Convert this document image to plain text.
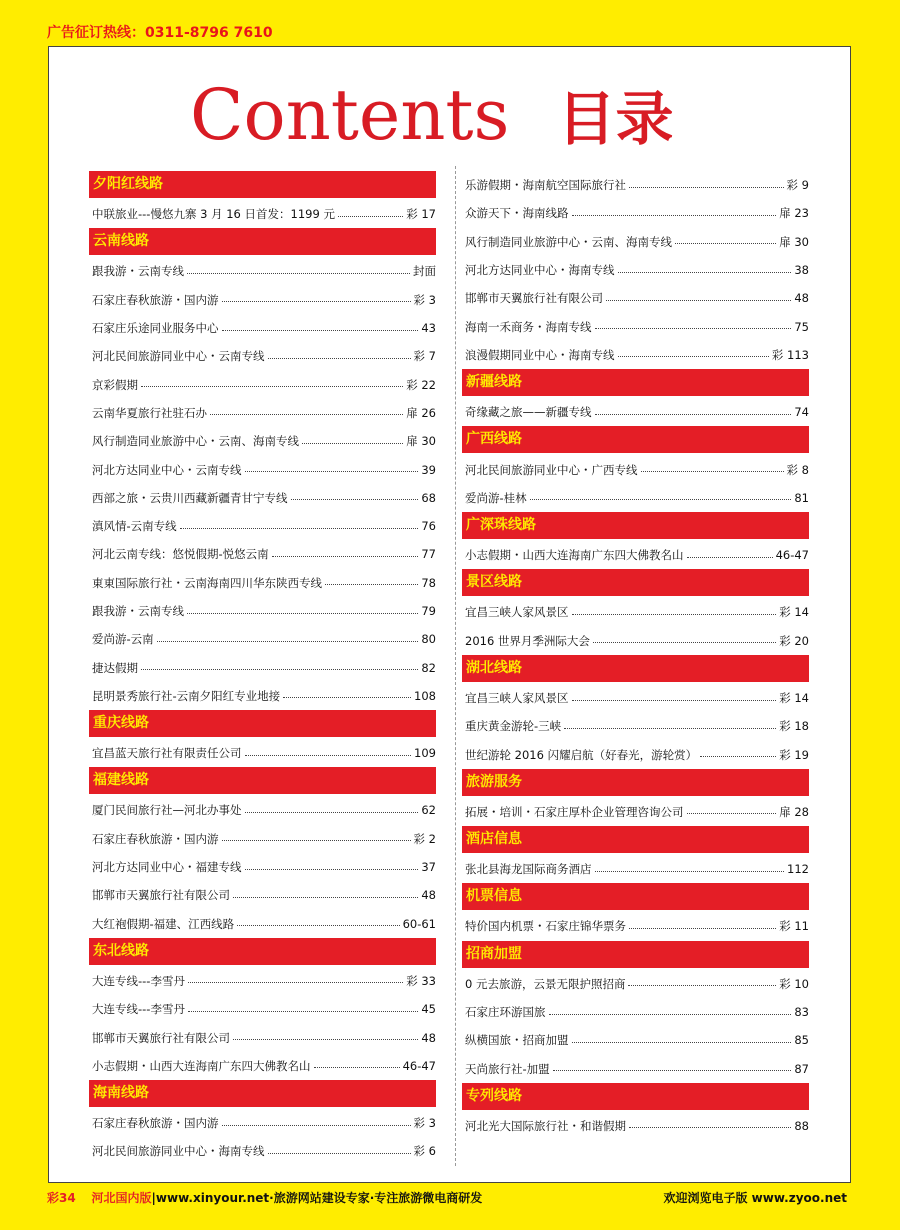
广告征订热线：0311-8796 7610
Contents 目录
夕阳红线路
中联旅业---慢悠九寨 3 月 16 日首发：1199 元	彩 17
云南线路
跟我游・云南专线	封面
石家庄春秋旅游・国内游	彩 3
石家庄乐途同业服务中心	43
河北民间旅游同业中心・云南专线	彩 7
京彩假期	彩 22
云南华夏旅行社驻石办	扉 26
风行制造同业旅游中心・云南、海南专线	扉 30
河北方达同业中心・云南专线	39
西部之旅・云贵川西藏新疆青甘宁专线	68
滇风情-云南专线	76
河北云南专线：悠悦假期-悦悠云南	77
東東国际旅行社・云南海南四川华东陕西专线	78
跟我游・云南专线	79
爱尚游-云南	80
捷达假期	82
昆明景秀旅行社-云南夕阳红专业地接	108
重庆线路
宜昌蓝天旅行社有限责任公司	109
福建线路
厦门民间旅行社—河北办事处	62
石家庄春秋旅游・国内游	彩 2
河北方达同业中心・福建专线	37
邯郸市天翼旅行社有限公司	48
大红袍假期-福建、江西线路	60-61
东北线路
大连专线---李雪丹	彩 33
大连专线---李雪丹	45
邯郸市天翼旅行社有限公司	48
小志假期・山西大连海南广东四大佛教名山	46-47
海南线路
石家庄春秋旅游・国内游	彩 3
河北民间旅游同业中心・海南专线	彩 6
乐游假期・海南航空国际旅行社	彩 9
众游天下・海南线路	扉 23
风行制造同业旅游中心・云南、海南专线	扉 30
河北方达同业中心・海南专线	38
邯郸市天翼旅行社有限公司	48
海南一禾商务・海南专线	75
浪漫假期同业中心・海南专线	彩 113
新疆线路
奇缘藏之旅——新疆专线	74
广西线路
河北民间旅游同业中心・广西专线	彩 8
爱尚游-桂林	81
广深珠线路
小志假期・山西大连海南广东四大佛教名山	46-47
景区线路
宜昌三峡人家风景区	彩 14
2016 世界月季洲际大会	彩 20
湖北线路
宜昌三峡人家风景区	彩 14
重庆黄金游轮-三峡	彩 18
世纪游轮 2016 闪耀启航（好春光，游轮赏）	彩 19
旅游服务
拓展・培训・石家庄厚朴企业管理咨询公司	扉 28
酒店信息
张北县海龙国际商务酒店	112
机票信息
特价国内机票・石家庄锦华票务	彩 11
招商加盟
0 元去旅游，云景无限护照招商	彩 10
石家庄环游国旅	83
纵横国旅・招商加盟	85
天尚旅行社-加盟	87
专列线路
河北光大国际旅行社・和谐假期	88
彩34 河北国内版|www.xinyour.net·旅游网站建设专家·专注旅游微电商研发	欢迎浏览电子版 www.zyoo.net
